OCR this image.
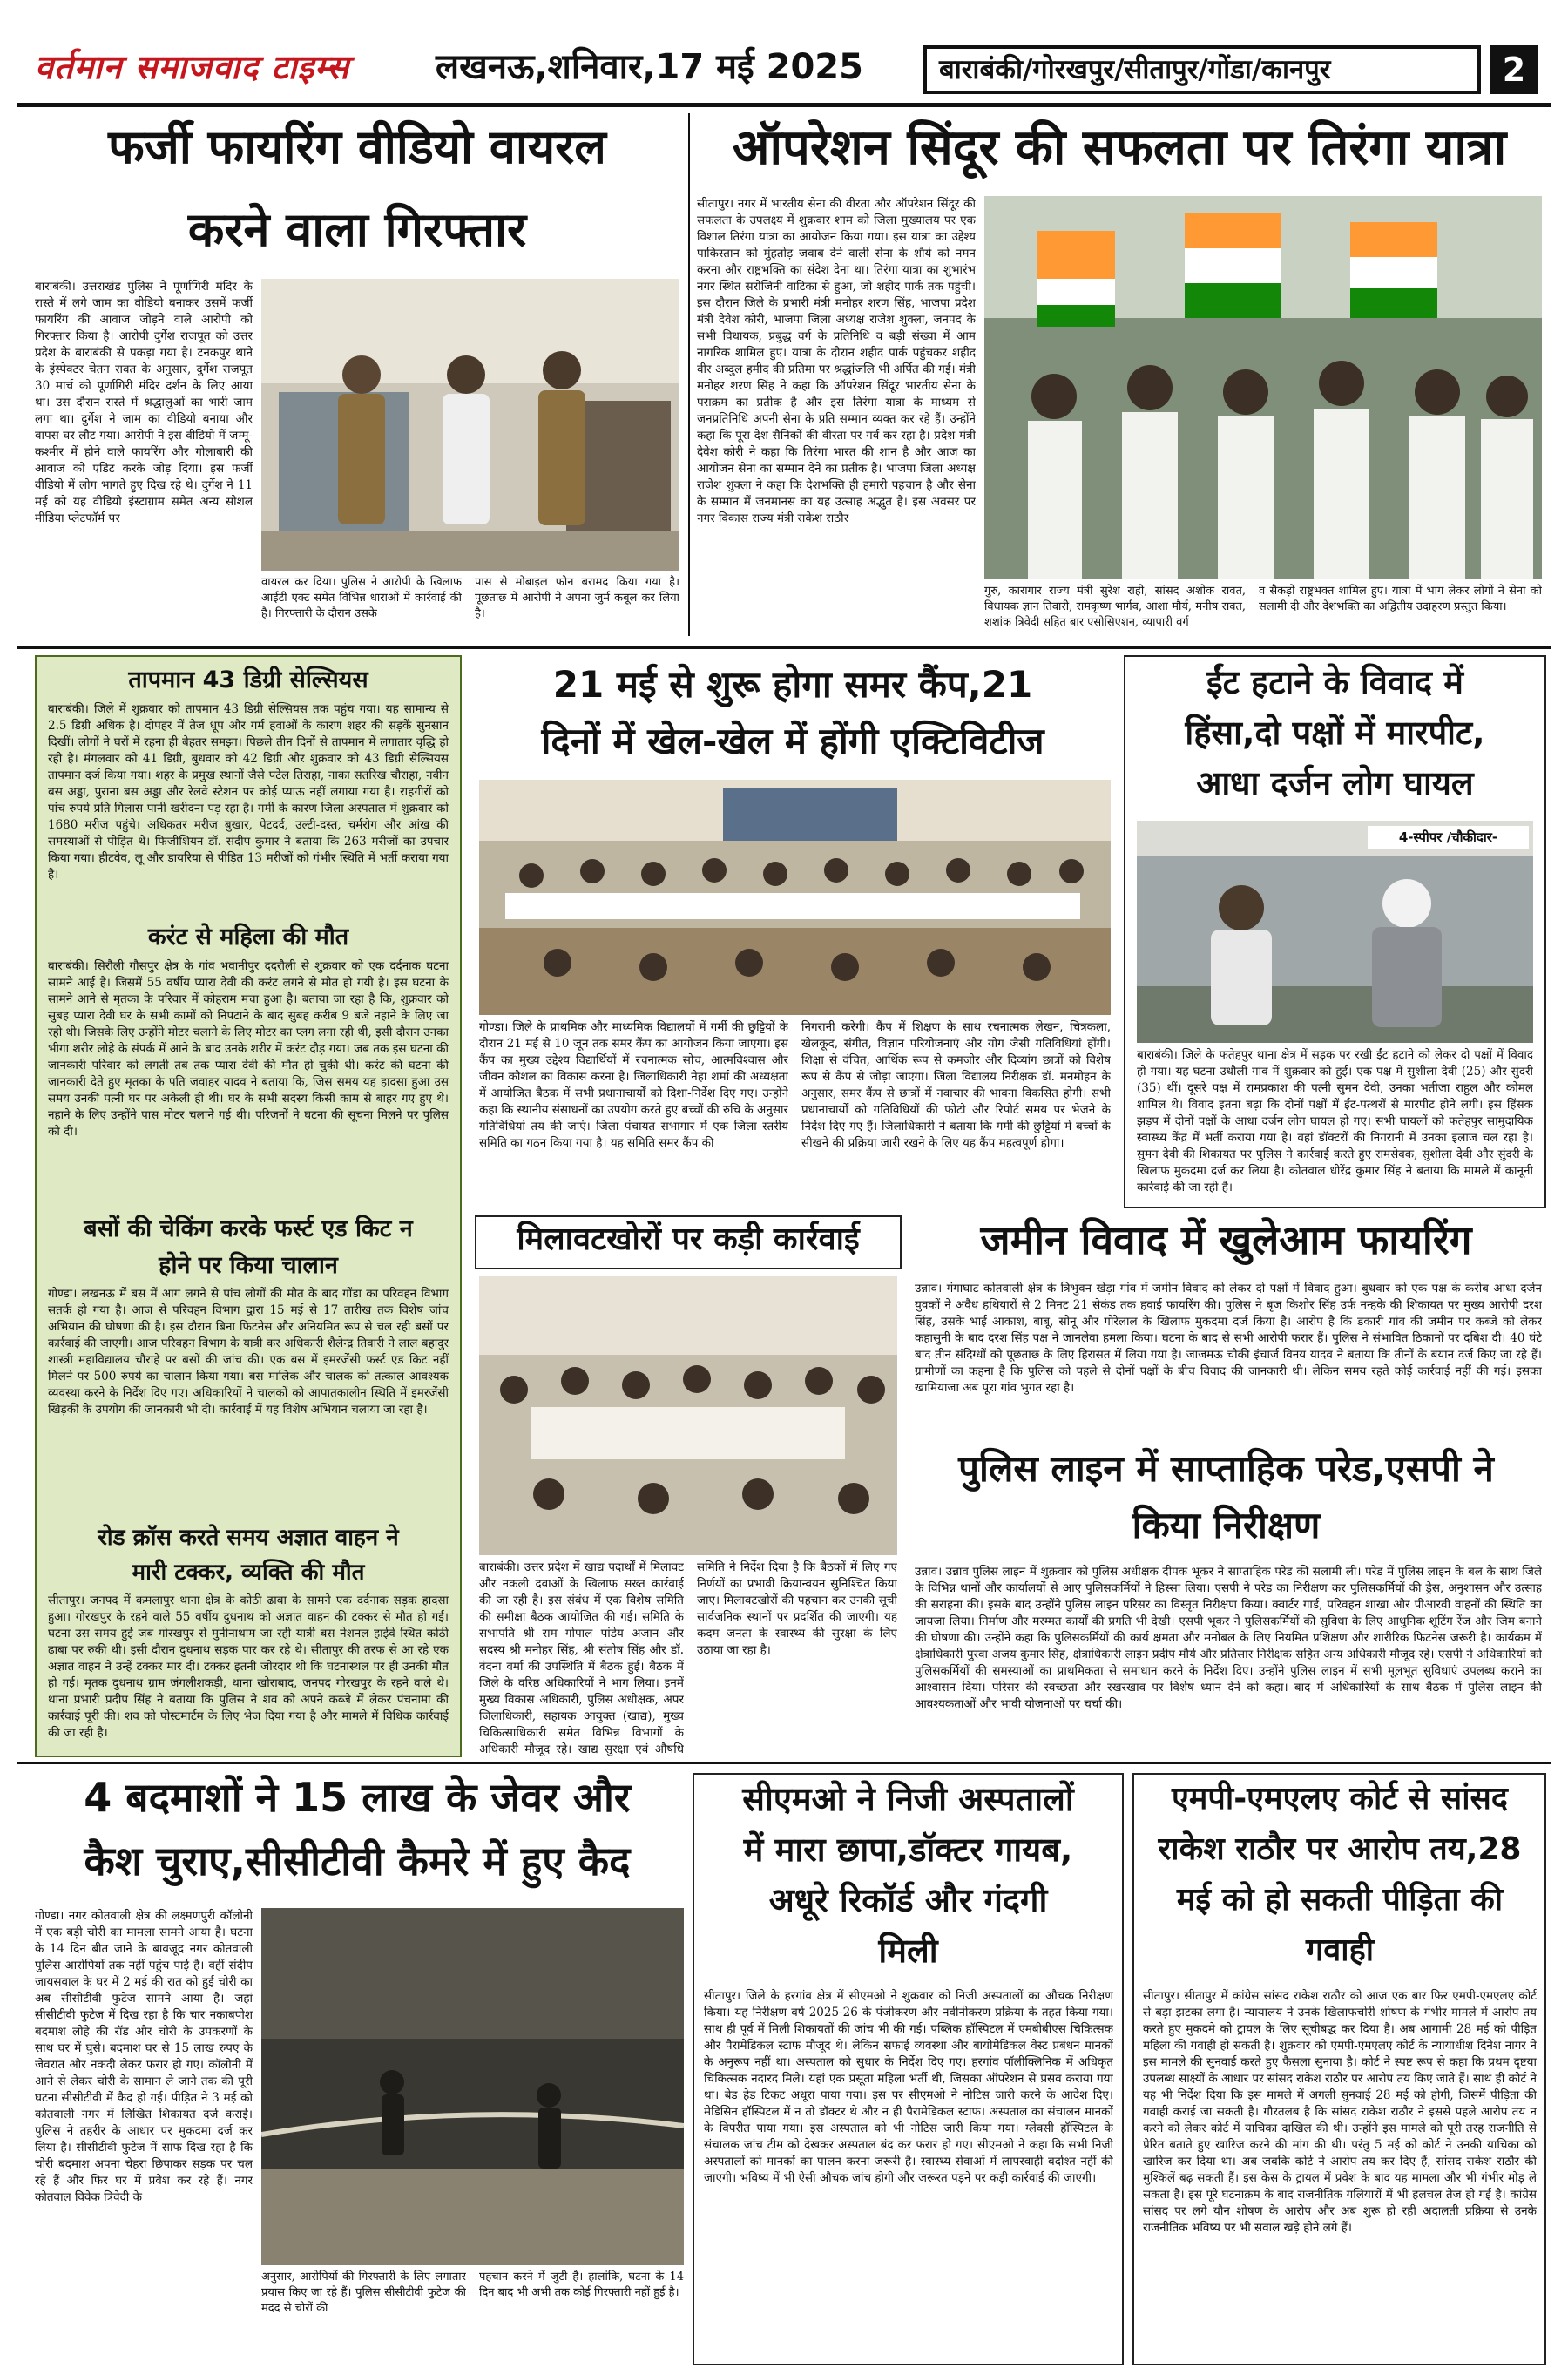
वर्तमान समाजवाद टाइम्स	लखनऊ,शनिवार,17 मई 2025	बाराबंकी/गोरखपुर/सीतापुर/गोंडा/कानपुर	2
फर्जी फायरिंग वीडियो वायरल
करने वाला गिरफ्तार
बाराबंकी। उत्तराखंड पुलिस ने पूर्णागिरी मंदिर के रास्ते में लगे जाम का वीडियो बनाकर उसमें फर्जी फायरिंग की आवाज जोड़ने वाले आरोपी को गिरफ्तार किया है। आरोपी दुर्गेश राजपूत को उत्तर प्रदेश के बाराबंकी से पकड़ा गया है। टनकपुर थाने के इंस्पेक्टर चेतन रावत के अनुसार, दुर्गेश राजपूत 30 मार्च को पूर्णागिरी मंदिर दर्शन के लिए आया था। उस दौरान रास्ते में श्रद्धालुओं का भारी जाम लगा था। दुर्गेश ने जाम का वीडियो बनाया और वापस घर लौट गया। आरोपी ने इस वीडियो में जम्मू-कश्मीर में होने वाले फायरिंग और गोलाबारी की आवाज को एडिट करके जोड़ दिया। इस फर्जी वीडियो में लोग भागते हुए दिख रहे थे। दुर्गेश ने 11 मई को यह वीडियो इंस्टाग्राम समेत अन्य सोशल मीडिया प्लेटफॉर्म पर
वायरल कर दिया। पुलिस ने आरोपी के खिलाफ आईटी एक्ट समेत विभिन्न धाराओं में कार्रवाई की है। गिरफ्तारी के दौरान उसके
पास से मोबाइल फोन बरामद किया गया है। पूछताछ में आरोपी ने अपना जुर्म कबूल कर लिया है।
ऑपरेशन सिंदूर की सफलता पर तिरंगा यात्रा
सीतापुर। नगर में भारतीय सेना की वीरता और ऑपरेशन सिंदूर की सफलता के उपलक्ष्य में शुक्रवार शाम को जिला मुख्यालय पर एक विशाल तिरंगा यात्रा का आयोजन किया गया। इस यात्रा का उद्देश्य पाकिस्तान को मुंहतोड़ जवाब देने वाली सेना के शौर्य को नमन करना और राष्ट्रभक्ति का संदेश देना था। तिरंगा यात्रा का शुभारंभ नगर स्थित सरोजिनी वाटिका से हुआ, जो शहीद पार्क तक पहुंची। इस दौरान जिले के प्रभारी मंत्री मनोहर शरण सिंह, भाजपा प्रदेश मंत्री देवेश कोरी, भाजपा जिला अध्यक्ष राजेश शुक्ला, जनपद के सभी विधायक, प्रबुद्ध वर्ग के प्रतिनिधि व बड़ी संख्या में आम नागरिक शामिल हुए। यात्रा के दौरान शहीद पार्क पहुंचकर शहीद वीर अब्दुल हमीद की प्रतिमा पर श्रद्धांजलि भी अर्पित की गई। मंत्री मनोहर शरण सिंह ने कहा कि ऑपरेशन सिंदूर भारतीय सेना के पराक्रम का प्रतीक है और इस तिरंगा यात्रा के माध्यम से जनप्रतिनिधि अपनी सेना के प्रति सम्मान व्यक्त कर रहे हैं। उन्होंने कहा कि पूरा देश सैनिकों की वीरता पर गर्व कर रहा है। प्रदेश मंत्री देवेश कोरी ने कहा कि तिरंगा भारत की शान है और आज का आयोजन सेना का सम्मान देने का प्रतीक है। भाजपा जिला अध्यक्ष राजेश शुक्ला ने कहा कि देशभक्ति ही हमारी पहचान है और सेना के सम्मान में जनमानस का यह उत्साह अद्भुत है। इस अवसर पर नगर विकास राज्य मंत्री राकेश राठौर
गुरु, कारागार राज्य मंत्री सुरेश राही, सांसद अशोक रावत, विधायक ज्ञान तिवारी, रामकृष्ण भार्गव, आशा मौर्य, मनीष रावत, शशांक त्रिवेदी सहित बार एसोसिएशन, व्यापारी वर्ग
व सैकड़ों राष्ट्रभक्त शामिल हुए। यात्रा में भाग लेकर लोगों ने सेना को सलामी दी और देशभक्ति का अद्वितीय उदाहरण प्रस्तुत किया।
तापमान 43 डिग्री सेल्सियस
बाराबंकी। जिले में शुक्रवार को तापमान 43 डिग्री सेल्सियस तक पहुंच गया। यह सामान्य से 2.5 डिग्री अधिक है। दोपहर में तेज धूप और गर्म हवाओं के कारण शहर की सड़कें सुनसान दिखीं। लोगों ने घरों में रहना ही बेहतर समझा। पिछले तीन दिनों से तापमान में लगातार वृद्धि हो रही है। मंगलवार को 41 डिग्री, बुधवार को 42 डिग्री और शुक्रवार को 43 डिग्री सेल्सियस तापमान दर्ज किया गया। शहर के प्रमुख स्थानों जैसे पटेल तिराहा, नाका सतरिख चौराहा, नवीन बस अड्डा, पुराना बस अड्डा और रेलवे स्टेशन पर कोई प्याऊ नहीं लगाया गया है। राहगीरों को पांच रुपये प्रति गिलास पानी खरीदना पड़ रहा है। गर्मी के कारण जिला अस्पताल में शुक्रवार को 1680 मरीज पहुंचे। अधिकतर मरीज बुखार, पेटदर्द, उल्टी-दस्त, चर्मरोग और आंख की समस्याओं से पीड़ित थे। फिजीशियन डॉ. संदीप कुमार ने बताया कि 263 मरीजों का उपचार किया गया। हीटवेव, लू और डायरिया से पीड़ित 13 मरीजों को गंभीर स्थिति में भर्ती कराया गया है।
करंट से महिला की मौत
बाराबंकी। सिरौली गौसपुर क्षेत्र के गांव भवानीपुर ददरौली से शुक्रवार को एक दर्दनाक घटना सामने आई है। जिसमें 55 वर्षीय प्यारा देवी की करंट लगने से मौत हो गयी है। इस घटना के सामने आने से मृतका के परिवार में कोहराम मचा हुआ है। बताया जा रहा है कि, शुक्रवार को सुबह प्यारा देवी घर के सभी कामों को निपटाने के बाद सुबह करीब 9 बजे नहाने के लिए जा रही थी। जिसके लिए उन्होंने मोटर चलाने के लिए मोटर का प्लग लगा रही थी, इसी दौरान उनका भीगा शरीर लोहे के संपर्क में आने के बाद उनके शरीर में करंट दौड़ गया। जब तक इस घटना की जानकारी परिवार को लगती तब तक प्यारा देवी की मौत हो चुकी थी। करंट की घटना की जानकारी देते हुए मृतका के पति जवाहर यादव ने बताया कि, जिस समय यह हादसा हुआ उस समय उनकी पत्नी घर पर अकेली ही थी। घर के सभी सदस्य किसी काम से बाहर गए हुए थे। नहाने के लिए उन्होंने पास मोटर चलाने गई थी। परिजनों ने घटना की सूचना मिलने पर पुलिस को दी।
बसों की चेकिंग करके फर्स्ट एड किट न
होने पर किया चालान
गोण्डा। लखनऊ में बस में आग लगने से पांच लोगों की मौत के बाद गोंडा का परिवहन विभाग सतर्क हो गया है। आज से परिवहन विभाग द्वारा 15 मई से 17 तारीख तक विशेष जांच अभियान की घोषणा की है। इस दौरान बिना फिटनेस और अनियमित रूप से चल रही बसों पर कार्रवाई की जाएगी। आज परिवहन विभाग के यात्री कर अधिकारी शैलेन्द्र तिवारी ने लाल बहादुर शास्त्री महाविद्यालय चौराहे पर बसों की जांच की। एक बस में इमरजेंसी फर्स्ट एड किट नहीं मिलने पर 500 रुपये का चालान किया गया। बस मालिक और चालक को तत्काल आवश्यक व्यवस्था करने के निर्देश दिए गए। अधिकारियों ने चालकों को आपातकालीन स्थिति में इमरजेंसी खिड़की के उपयोग की जानकारी भी दी। कार्रवाई में यह विशेष अभियान चलाया जा रहा है।
रोड क्रॉस करते समय अज्ञात वाहन ने
मारी टक्कर, व्यक्ति की मौत
सीतापुर। जनपद में कमलापुर थाना क्षेत्र के कोठी ढाबा के सामने एक दर्दनाक सड़क हादसा हुआ। गोरखपुर के रहने वाले 55 वर्षीय दुधनाथ को अज्ञात वाहन की टक्कर से मौत हो गई। घटना उस समय हुई जब गोरखपुर से मुनीनाथाम जा रही यात्री बस नेशनल हाईवे स्थित कोठी ढाबा पर रुकी थी। इसी दौरान दुधनाथ सड़क पार कर रहे थे। सीतापुर की तरफ से आ रहे एक अज्ञात वाहन ने उन्हें टक्कर मार दी। टक्कर इतनी जोरदार थी कि घटनास्थल पर ही उनकी मौत हो गई। मृतक दुधनाथ ग्राम जंगलीशकड़ी, थाना खोराबाद, जनपद गोरखपुर के रहने वाले थे। थाना प्रभारी प्रदीप सिंह ने बताया कि पुलिस ने शव को अपने कब्जे में लेकर पंचनामा की कार्रवाई पूरी की। शव को पोस्टमार्टम के लिए भेज दिया गया है और मामले में विधिक कार्रवाई की जा रही है।
21 मई से शुरू होगा समर कैंप,21
दिनों में खेल-खेल में होंगी एक्टिविटीज
गोण्डा। जिले के प्राथमिक और माध्यमिक विद्यालयों में गर्मी की छुट्टियों के दौरान 21 मई से 10 जून तक समर कैंप का आयोजन किया जाएगा। इस कैंप का मुख्य उद्देश्य विद्यार्थियों में रचनात्मक सोच, आत्मविश्वास और जीवन कौशल का विकास करना है। जिलाधिकारी नेहा शर्मा की अध्यक्षता में आयोजित बैठक में सभी प्रधानाचार्यों को दिशा-निर्देश दिए गए। उन्होंने कहा कि स्थानीय संसाधनों का उपयोग करते हुए बच्चों की रुचि के अनुसार गतिविधियां तय की जाएं। जिला पंचायत सभागार में एक जिला स्तरीय समिति का गठन किया गया है। यह समिति समर कैंप की
निगरानी करेगी। कैंप में शिक्षण के साथ रचनात्मक लेखन, चित्रकला, खेलकूद, संगीत, विज्ञान परियोजनाएं और योग जैसी गतिविधियां होंगी। शिक्षा से वंचित, आर्थिक रूप से कमजोर और दिव्यांग छात्रों को विशेष रूप से कैंप से जोड़ा जाएगा। जिला विद्यालय निरीक्षक डॉ. मनमोहन के अनुसार, समर कैंप से छात्रों में नवाचार की भावना विकसित होगी। सभी प्रधानाचार्यों को गतिविधियों की फोटो और रिपोर्ट समय पर भेजने के निर्देश दिए गए हैं। जिलाधिकारी ने बताया कि गर्मी की छुट्टियों में बच्चों के सीखने की प्रक्रिया जारी रखने के लिए यह कैंप महत्वपूर्ण होगा।
ईंट हटाने के विवाद में
हिंसा,दो पक्षों में मारपीट,
आधा दर्जन लोग घायल
4-स्पीपर /चौकीदार-
बाराबंकी। जिले के फतेहपुर थाना क्षेत्र में सड़क पर रखी ईंट हटाने को लेकर दो पक्षों में विवाद हो गया। यह घटना उधौली गांव में शुक्रवार को हुई। एक पक्ष में सुशीला देवी (25) और सुंदरी (35) थीं। दूसरे पक्ष में रामप्रकाश की पत्नी सुमन देवी, उनका भतीजा राहुल और कोमल शामिल थे। विवाद इतना बढ़ा कि दोनों पक्षों में ईंट-पत्थरों से मारपीट होने लगी। इस हिंसक झड़प में दोनों पक्षों के आधा दर्जन लोग घायल हो गए। सभी घायलों को फतेहपुर सामुदायिक स्वास्थ्य केंद्र में भर्ती कराया गया है। वहां डॉक्टरों की निगरानी में उनका इलाज चल रहा है। सुमन देवी की शिकायत पर पुलिस ने कार्रवाई करते हुए रामसेवक, सुशीला देवी और सुंदरी के खिलाफ मुकदमा दर्ज कर लिया है। कोतवाल धीरेंद्र कुमार सिंह ने बताया कि मामले में कानूनी कार्रवाई की जा रही है।
मिलावटखोरों पर कड़ी कार्रवाई
बाराबंकी। उत्तर प्रदेश में खाद्य पदार्थों में मिलावट और नकली दवाओं के खिलाफ सख्त कार्रवाई की जा रही है। इस संबंध में एक विशेष समिति की समीक्षा बैठक आयोजित की गई। समिति के सभापति श्री राम गोपाल पांडेय अजान और सदस्य श्री मनोहर सिंह, श्री संतोष सिंह और डॉ. वंदना वर्मा की उपस्थिति में बैठक हुई। बैठक में जिले के वरिष्ठ अधिकारियों ने भाग लिया। इनमें मुख्य विकास अधिकारी, पुलिस अधीक्षक, अपर जिलाधिकारी, सहायक आयुक्त (खाद्य), मुख्य चिकित्साधिकारी समेत विभिन्न विभागों के अधिकारी मौजूद रहे। खाद्य सुरक्षा एवं औषधि
समिति ने निर्देश दिया है कि बैठकों में लिए गए निर्णयों का प्रभावी क्रियान्वयन सुनिश्चित किया जाए। मिलावटखोरों की पहचान कर उनकी सूची सार्वजनिक स्थानों पर प्रदर्शित की जाएगी। यह कदम जनता के स्वास्थ्य की सुरक्षा के लिए उठाया जा रहा है।
जमीन विवाद में खुलेआम फायरिंग
उन्नाव। गंगाघाट कोतवाली क्षेत्र के त्रिभुवन खेड़ा गांव में जमीन विवाद को लेकर दो पक्षों में विवाद हुआ। बुधवार को एक पक्ष के करीब आधा दर्जन युवकों ने अवैध हथियारों से 2 मिनट 21 सेकंड तक हवाई फायरिंग की। पुलिस ने बृज किशोर सिंह उर्फ नन्हके की शिकायत पर मुख्य आरोपी दरश सिंह, उसके भाई आकाश, बाबू, सोनू और गोरेलाल के खिलाफ मुकदमा दर्ज किया है। आरोप है कि डकारी गांव की जमीन पर कब्जे को लेकर कहासुनी के बाद दरश सिंह पक्ष ने जानलेवा हमला किया। घटना के बाद से सभी आरोपी फरार हैं। पुलिस ने संभावित ठिकानों पर दबिश दी। 40 घंटे बाद तीन संदिग्धों को पूछताछ के लिए हिरासत में लिया गया है। जाजमऊ चौकी इंचार्ज विनय यादव ने बताया कि तीनों के बयान दर्ज किए जा रहे हैं। ग्रामीणों का कहना है कि पुलिस को पहले से दोनों पक्षों के बीच विवाद की जानकारी थी। लेकिन समय रहते कोई कार्रवाई नहीं की गई। इसका खामियाजा अब पूरा गांव भुगत रहा है।
पुलिस लाइन में साप्ताहिक परेड,एसपी ने
किया निरीक्षण
उन्नाव। उन्नाव पुलिस लाइन में शुक्रवार को पुलिस अधीक्षक दीपक भूकर ने साप्ताहिक परेड की सलामी ली। परेड में पुलिस लाइन के बल के साथ जिले के विभिन्न थानों और कार्यालयों से आए पुलिसकर्मियों ने हिस्सा लिया। एसपी ने परेड का निरीक्षण कर पुलिसकर्मियों की ड्रेस, अनुशासन और उत्साह की सराहना की। इसके बाद उन्होंने पुलिस लाइन परिसर का विस्तृत निरीक्षण किया। क्वार्टर गार्ड, परिवहन शाखा और पीआरवी वाहनों की स्थिति का जायजा लिया। निर्माण और मरम्मत कार्यों की प्रगति भी देखी। एसपी भूकर ने पुलिसकर्मियों की सुविधा के लिए आधुनिक शूटिंग रेंज और जिम बनाने की घोषणा की। उन्होंने कहा कि पुलिसकर्मियों की कार्य क्षमता और मनोबल के लिए नियमित प्रशिक्षण और शारीरिक फिटनेस जरूरी है। कार्यक्रम में क्षेत्राधिकारी पुरवा अजय कुमार सिंह, क्षेत्राधिकारी लाइन प्रदीप मौर्य और प्रतिसार निरीक्षक सहित अन्य अधिकारी मौजूद रहे। एसपी ने अधिकारियों को पुलिसकर्मियों की समस्याओं का प्राथमिकता से समाधान करने के निर्देश दिए। उन्होंने पुलिस लाइन में सभी मूलभूत सुविधाएं उपलब्ध कराने का आश्वासन दिया। परिसर की स्वच्छता और रखरखाव पर विशेष ध्यान देने को कहा। बाद में अधिकारियों के साथ बैठक में पुलिस लाइन की आवश्यकताओं और भावी योजनाओं पर चर्चा की।
4 बदमाशों ने 15 लाख के जेवर और
कैश चुराए,सीसीटीवी कैमरे में हुए कैद
गोण्डा। नगर कोतवाली क्षेत्र की लक्ष्मणपुरी कॉलोनी में एक बड़ी चोरी का मामला सामने आया है। घटना के 14 दिन बीत जाने के बावजूद नगर कोतवाली पुलिस आरोपियों तक नहीं पहुंच पाई है। वहीं संदीप जायसवाल के घर में 2 मई की रात को हुई चोरी का अब सीसीटीवी फुटेज सामने आया है। जहां सीसीटीवी फुटेज में दिख रहा है कि चार नकाबपोश बदमाश लोहे की रॉड और चोरी के उपकरणों के साथ घर में घुसे। बदमाश घर से 15 लाख रुपए के जेवरात और नकदी लेकर फरार हो गए। कॉलोनी में आने से लेकर चोरी के सामान ले जाने तक की पूरी घटना सीसीटीवी में कैद हो गई। पीड़ित ने 3 मई को कोतवाली नगर में लिखित शिकायत दर्ज कराई। पुलिस ने तहरीर के आधार पर मुकदमा दर्ज कर लिया है। सीसीटीवी फुटेज में साफ दिख रहा है कि चोरी बदमाश अपना चेहरा छिपाकर सड़क पर चल रहे हैं और फिर घर में प्रवेश कर रहे हैं। नगर कोतवाल विवेक त्रिवेदी के
अनुसार, आरोपियों की गिरफ्तारी के लिए लगातार प्रयास किए जा रहे हैं। पुलिस सीसीटीवी फुटेज की मदद से चोरों की
पहचान करने में जुटी है। हालांकि, घटना के 14 दिन बाद भी अभी तक कोई गिरफ्तारी नहीं हुई है।
सीएमओ ने निजी अस्पतालों
में मारा छापा,डॉक्टर गायब,
अधूरे रिकॉर्ड और गंदगी
मिली
सीतापुर। जिले के हरगांव क्षेत्र में सीएमओ ने शुक्रवार को निजी अस्पतालों का औचक निरीक्षण किया। यह निरीक्षण वर्ष 2025-26 के पंजीकरण और नवीनीकरण प्रक्रिया के तहत किया गया। साथ ही पूर्व में मिली शिकायतों की जांच भी की गई। पब्लिक हॉस्पिटल में एमबीबीएस चिकित्सक और पैरामेडिकल स्टाफ मौजूद थे। लेकिन सफाई व्यवस्था और बायोमेडिकल वेस्ट प्रबंधन मानकों के अनुरूप नहीं था। अस्पताल को सुधार के निर्देश दिए गए। हरगांव पॉलीक्लिनिक में अधिकृत चिकित्सक नदारद मिले। यहां एक प्रसूता महिला भर्ती थी, जिसका ऑपरेशन से प्रसव कराया गया था। बेड हेड टिकट अधूरा पाया गया। इस पर सीएमओ ने नोटिस जारी करने के आदेश दिए। मेडिसिन हॉस्पिटल में न तो डॉक्टर थे और न ही पैरामेडिकल स्टाफ। अस्पताल का संचालन मानकों के विपरीत पाया गया। इस अस्पताल को भी नोटिस जारी किया गया। ग्लेक्सी हॉस्पिटल के संचालक जांच टीम को देखकर अस्पताल बंद कर फरार हो गए। सीएमओ ने कहा कि सभी निजी अस्पतालों को मानकों का पालन करना जरूरी है। स्वास्थ्य सेवाओं में लापरवाही बर्दाश्त नहीं की जाएगी। भविष्य में भी ऐसी औचक जांच होगी और जरूरत पड़ने पर कड़ी कार्रवाई की जाएगी।
एमपी-एमएलए कोर्ट से सांसद
राकेश राठौर पर आरोप तय,28
मई को हो सकती पीड़िता की
गवाही
सीतापुर। सीतापुर में कांग्रेस सांसद राकेश राठौर को आज एक बार फिर एमपी-एमएलए कोर्ट से बड़ा झटका लगा है। न्यायालय ने उनके खिलाफचोरी शोषण के गंभीर मामले में आरोप तय करते हुए मुकदमे को ट्रायल के लिए सूचीबद्ध कर दिया है। अब आगामी 28 मई को पीड़ित महिला की गवाही हो सकती है। शुक्रवार को एमपी-एमएलए कोर्ट के न्यायाधीश दिनेश नागर ने इस मामले की सुनवाई करते हुए फैसला सुनाया है। कोर्ट ने स्पष्ट रूप से कहा कि प्रथम दृष्टया उपलब्ध साक्ष्यों के आधार पर सांसद राकेश राठौर पर आरोप तय किए जाते हैं। साथ ही कोर्ट ने यह भी निर्देश दिया कि इस मामले में अगली सुनवाई 28 मई को होगी, जिसमें पीड़िता की गवाही कराई जा सकती है। गौरतलब है कि सांसद राकेश राठौर ने इससे पहले आरोप तय न करने को लेकर कोर्ट में याचिका दाखिल की थी। उन्होंने इस मामले को पूरी तरह राजनीति से प्रेरित बताते हुए खारिज करने की मांग की थी। परंतु 5 मई को कोर्ट ने उनकी याचिका को खारिज कर दिया था। अब जबकि कोर्ट ने आरोप तय कर दिए हैं, सांसद राकेश राठौर की मुश्किलें बढ़ सकती हैं। इस केस के ट्रायल में प्रवेश के बाद यह मामला और भी गंभीर मोड़ ले सकता है। इस पूरे घटनाक्रम के बाद राजनीतिक गलियारों में भी हलचल तेज हो गई है। कांग्रेस सांसद पर लगे यौन शोषण के आरोप और अब शुरू हो रही अदालती प्रक्रिया से उनके राजनीतिक भविष्य पर भी सवाल खड़े होने लगे हैं।
